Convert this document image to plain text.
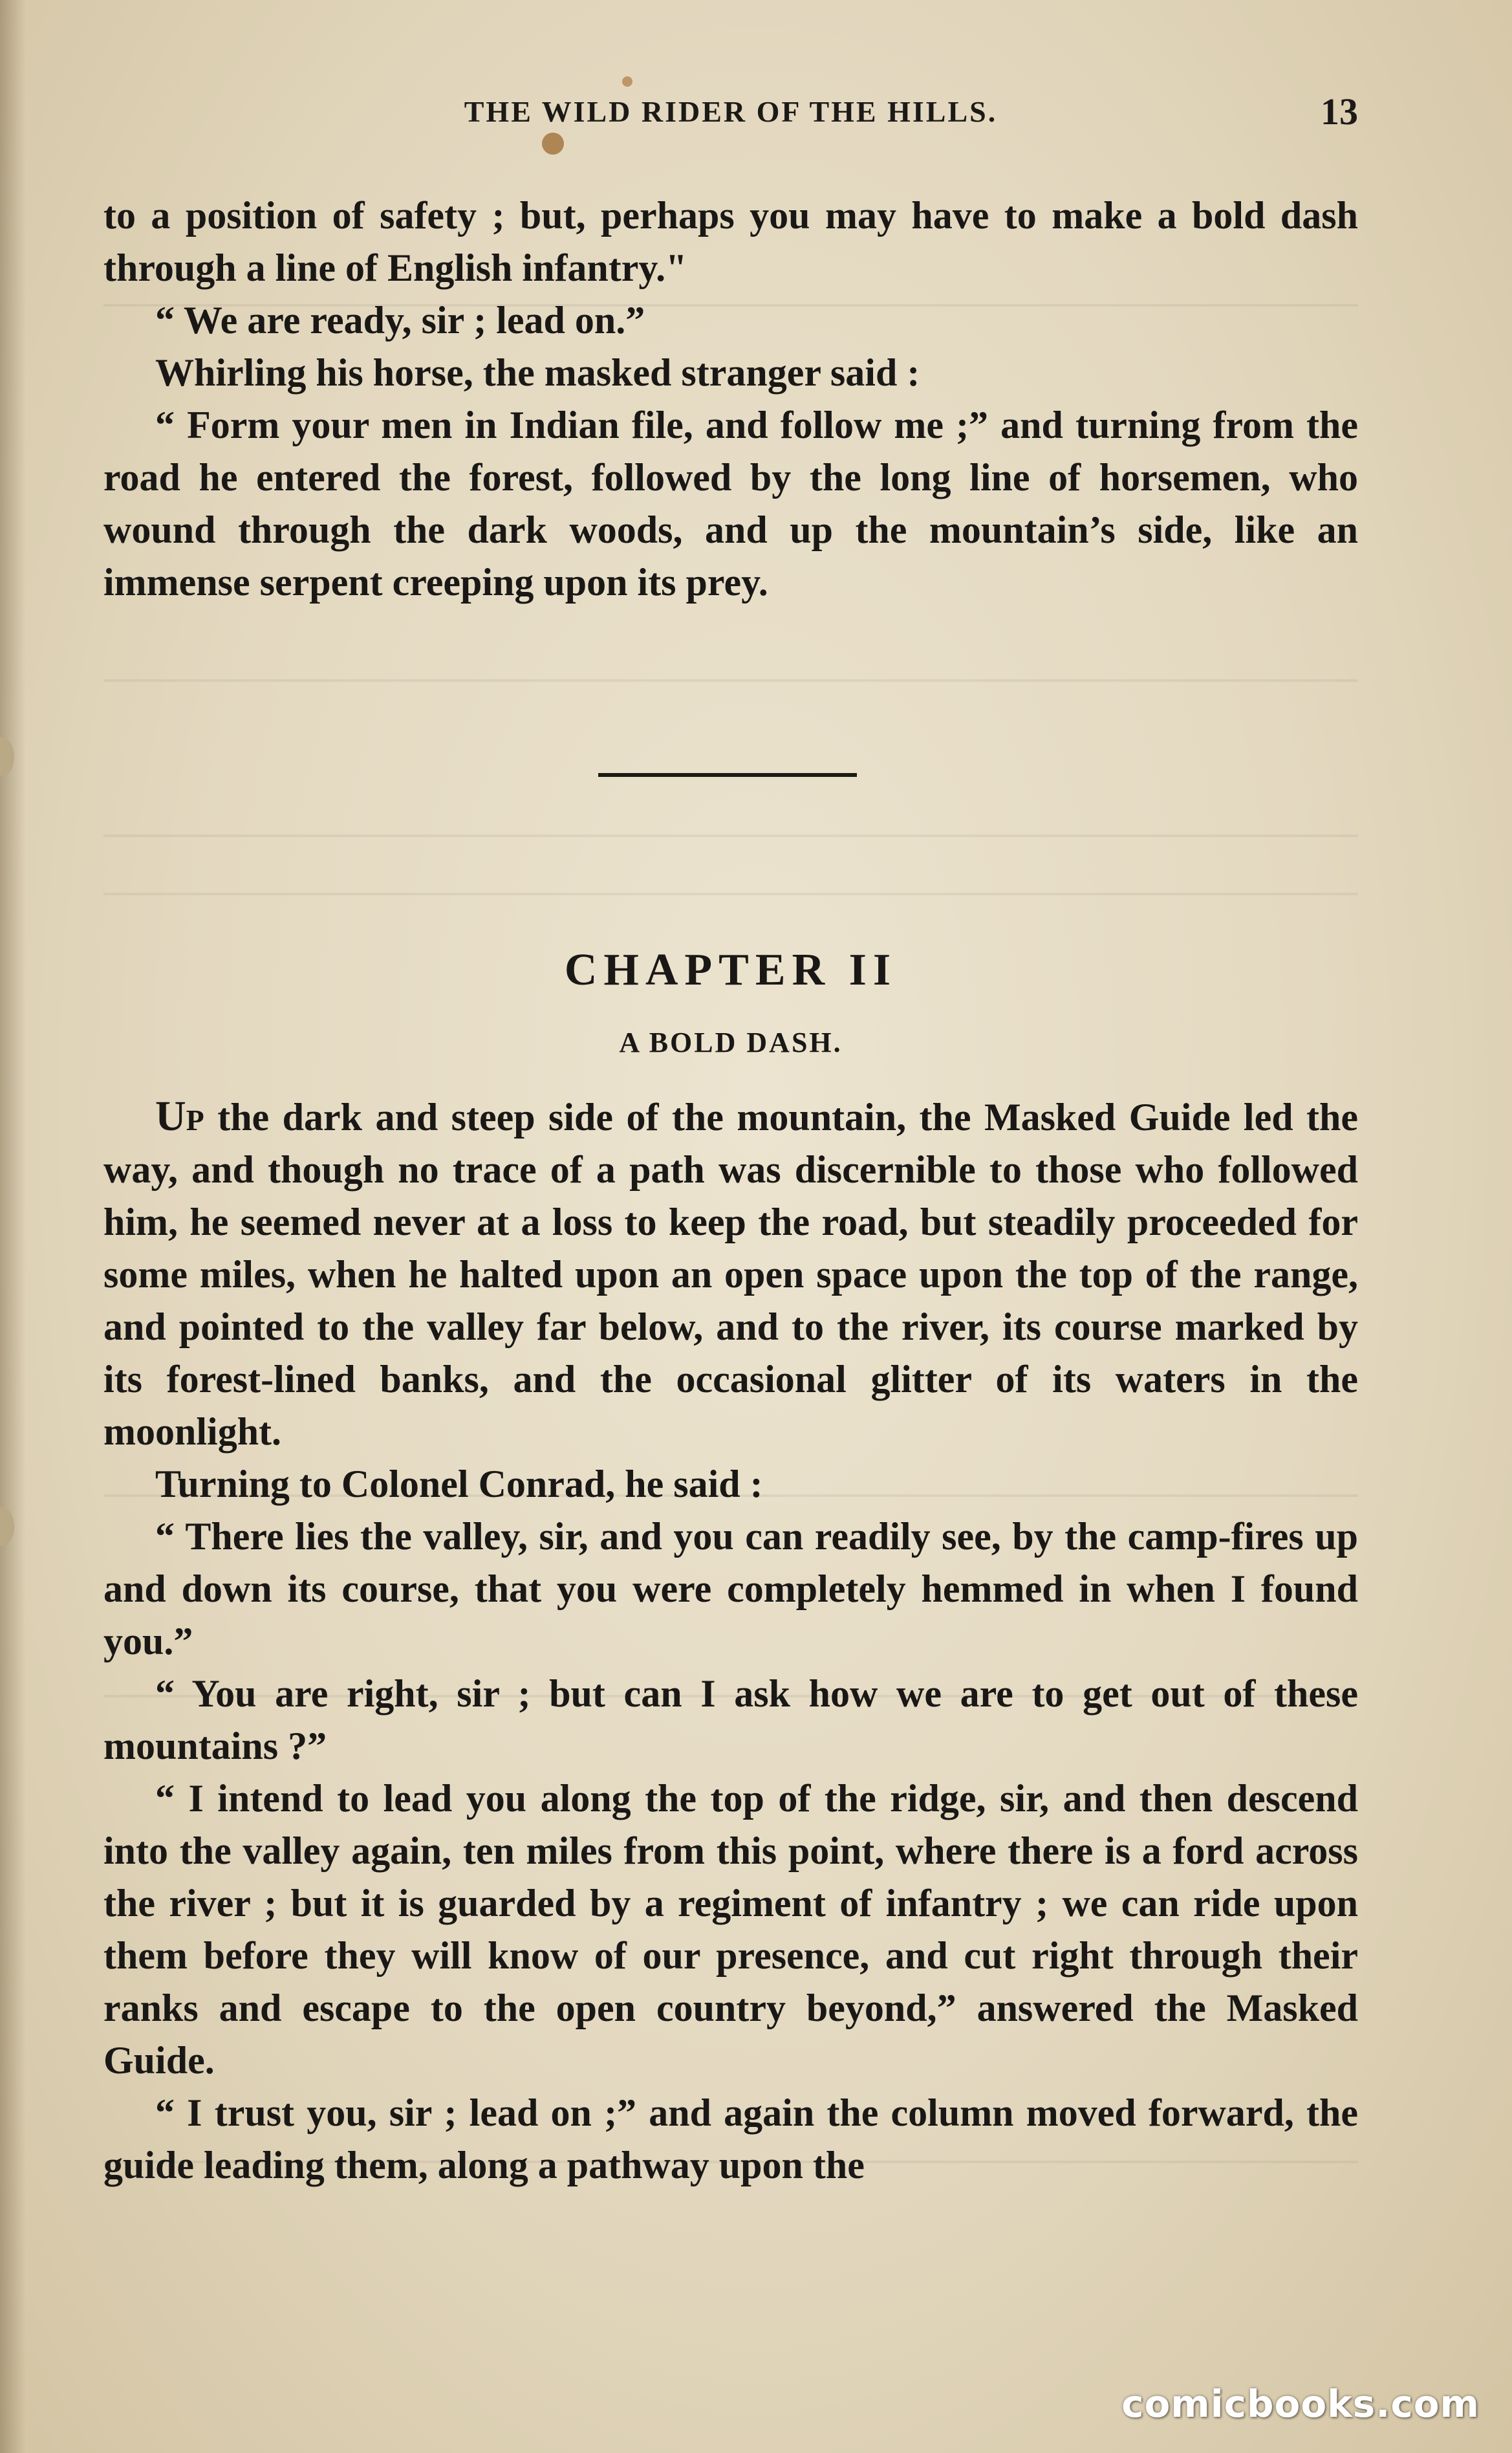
THE WILD RIDER OF THE HILLS.	13

to a position of safety ; but, perhaps you may have to make a bold dash through a line of English infantry."

“ We are ready, sir ; lead on.”

Whirling his horse, the masked stranger said :

“ Form your men in Indian file, and follow me ;” and turning from the road he entered the forest, followed by the long line of horsemen, who wound through the dark woods, and up the mountain’s side, like an immense serpent creeping upon its prey.

CHAPTER II
A BOLD DASH.

Up the dark and steep side of the mountain, the Masked Guide led the way, and though no trace of a path was discernible to those who followed him, he seemed never at a loss to keep the road, but steadily proceeded for some miles, when he halted upon an open space upon the top of the range, and pointed to the valley far below, and to the river, its course marked by its forest-lined banks, and the occasional glitter of its waters in the moonlight.

Turning to Colonel Conrad, he said :

“ There lies the valley, sir, and you can readily see, by the camp-fires up and down its course, that you were completely hemmed in when I found you.”

“ You are right, sir ; but can I ask how we are to get out of these mountains ?”

“ I intend to lead you along the top of the ridge, sir, and then descend into the valley again, ten miles from this point, where there is a ford across the river ; but it is guarded by a regiment of infantry ; we can ride upon them before they will know of our presence, and cut right through their ranks and escape to the open country beyond,” answered the Masked Guide.

“ I trust you, sir ; lead on ;” and again the column moved forward, the guide leading them, along a pathway upon the

comicbooks.com
